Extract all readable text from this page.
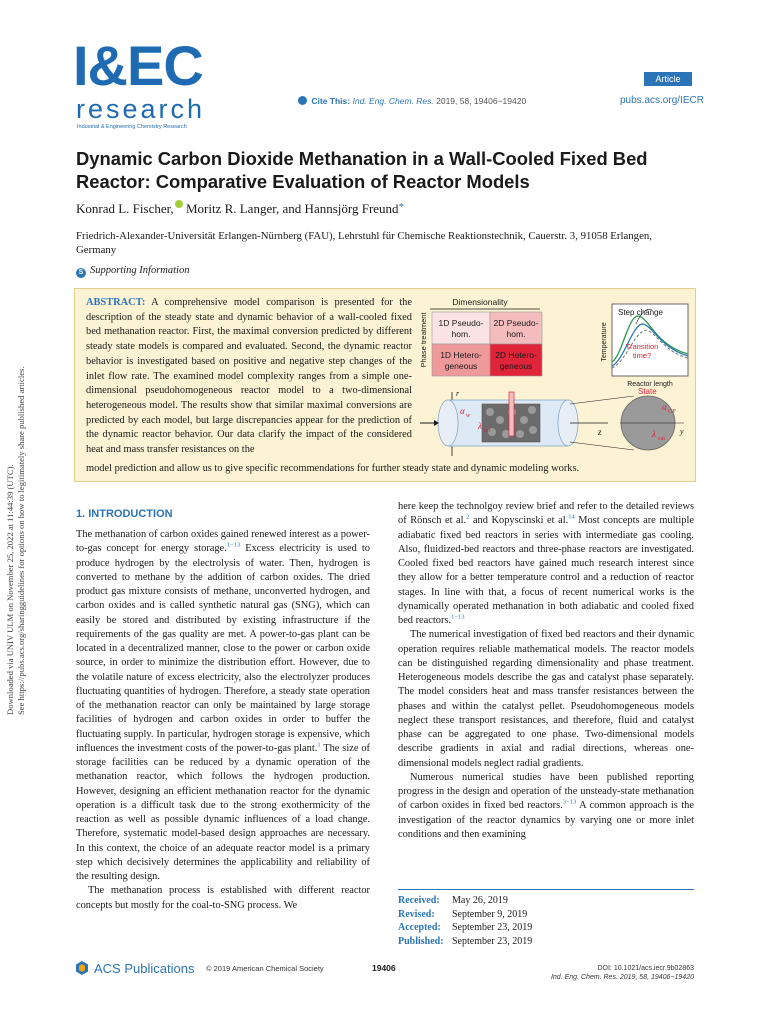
I&EC
research
Industrial & Engineering Chemistry Research
Article
Cite This: Ind. Eng. Chem. Res. 2019, 58, 19406−19420	pubs.acs.org/IECR
Downloaded via UNIV ULM on November 25, 2022 at 11:44:39 (UTC). See https://pubs.acs.org/sharingguidelines for options on how to legitimately share published articles.
Dynamic Carbon Dioxide Methanation in a Wall-Cooled Fixed Bed Reactor: Comparative Evaluation of Reactor Models
Konrad L. Fischer, Moritz R. Langer, and Hannsjörg Freund*
Friedrich-Alexander-Universität Erlangen-Nürnberg (FAU), Lehrstuhl für Chemische Reaktionstechnik, Cauerstr. 3, 91058 Erlangen, Germany
S Supporting Information
ABSTRACT: A comprehensive model comparison is presented for the description of the steady state and dynamic behavior of a wall-cooled fixed bed methanation reactor. First, the maximal conversion predicted by different steady state models is compared and evaluated. Second, the dynamic reactor behavior is investigated based on positive and negative step changes of the inlet flow rate. The examined model complexity ranges from a simple one-dimensional pseudohomogeneous reactor model to a two-dimensional heterogeneous model. The results show that similar maximal conversions are predicted by each model, but large discrepancies appear for the prediction of the dynamic reactor behavior. Our data clarify the impact of the considered heat and mass transfer resistances on the
model prediction and allow us to give specific recommendations for further steady state and dynamic modeling works.
Dimensionality
Phase treatment 1D Pseudo-
hom.
2D Pseudo-
hom.
1D Hetero-
geneous
2D Hetero-
geneous
Temperature
Step change
Transition
time?
Reactor length
r
α w
λ eff	z
State
y
λ cat
α GP
1. INTRODUCTION

The methanation of carbon oxides gained renewed interest as a power-to-gas concept for energy storage.$^{1-13}$ Excess electricity is used to produce hydrogen by the electrolysis of water. Then, hydrogen is converted to methane by the addition of carbon oxides. The dried product gas mixture consists of methane, unconverted hydrogen, and carbon oxides and is called synthetic natural gas (SNG), which can easily be stored and distributed by existing infrastructure if the requirements of the gas quality are met. A power-to-gas plant can be located in a decentralized manner, close to the power or carbon oxide source, in order to minimize the distribution effort. However, due to the volatile nature of excess electricity, also the electrolyzer produces fluctuating quantities of hydrogen. Therefore, a steady state operation of the methanation reactor can only be maintained by large storage facilities of hydrogen and carbon oxides in order to buffer the fluctuating supply. In particular, hydrogen storage is expensive, which influences the investment costs of the power-to-gas plant.$^1$ The size of storage facilities can be reduced by a dynamic operation of the methanation reactor, which follows the hydrogen production. However, designing an efficient methanation reactor for the dynamic operation is a difficult task due to the strong exothermicity of the reaction as well as possible dynamic influences of a load change. Therefore, systematic model-based design approaches are necessary. In this context, the choice of an adequate reactor model is a primary step which decisively determines the applicability and reliability of the resulting design.

The methanation process is established with different reactor concepts but mostly for the coal-to-SNG process. We

here keep the technolgoy review brief and refer to the detailed reviews of Rönsch et al.$^2$ and Kopyscinski et al.$^{14}$ Most concepts are multiple adiabatic fixed bed reactors in series with intermediate gas cooling. Also, fluidized-bed reactors and three-phase reactors are investigated. Cooled fixed bed reactors have gained much research interest since they allow for a better temperature control and a reduction of reactor stages. In line with that, a focus of recent numerical works is the dynamically operated methanation in both adiabatic and cooled fixed bed reactors.$^{1-13}$

The numerical investigation of fixed bed reactors and their dynamic operation requires reliable mathematical models. The reactor models can be distinguished regarding dimensionality and phase treatment. Heterogeneous models describe the gas and catalyst phase separately. The model considers heat and mass transfer resistances between the phases and within the catalyst pellet. Pseudohomogeneous models neglect these transport resistances, and therefore, fluid and catalyst phase can be aggregated to one phase. Two-dimensional models describe gradients in axial and radial directions, whereas one-dimensional models neglect radial gradients.

Numerous numerical studies have been published reporting progress in the design and operation of the unsteady-state methanation of carbon oxides in fixed bed reactors.$^{3-13}$ A common approach is the investigation of the reactor dynamics by varying one or more inlet conditions and then examining

Received: May 26, 2019
Revised: September 9, 2019
Accepted: September 23, 2019
Published: September 23, 2019
ACS Publications © 2019 American Chemical Society	19406	DOI: 10.1021/acs.iecr.9b02863
Ind. Eng. Chem. Res. 2019, 58, 19406−19420
